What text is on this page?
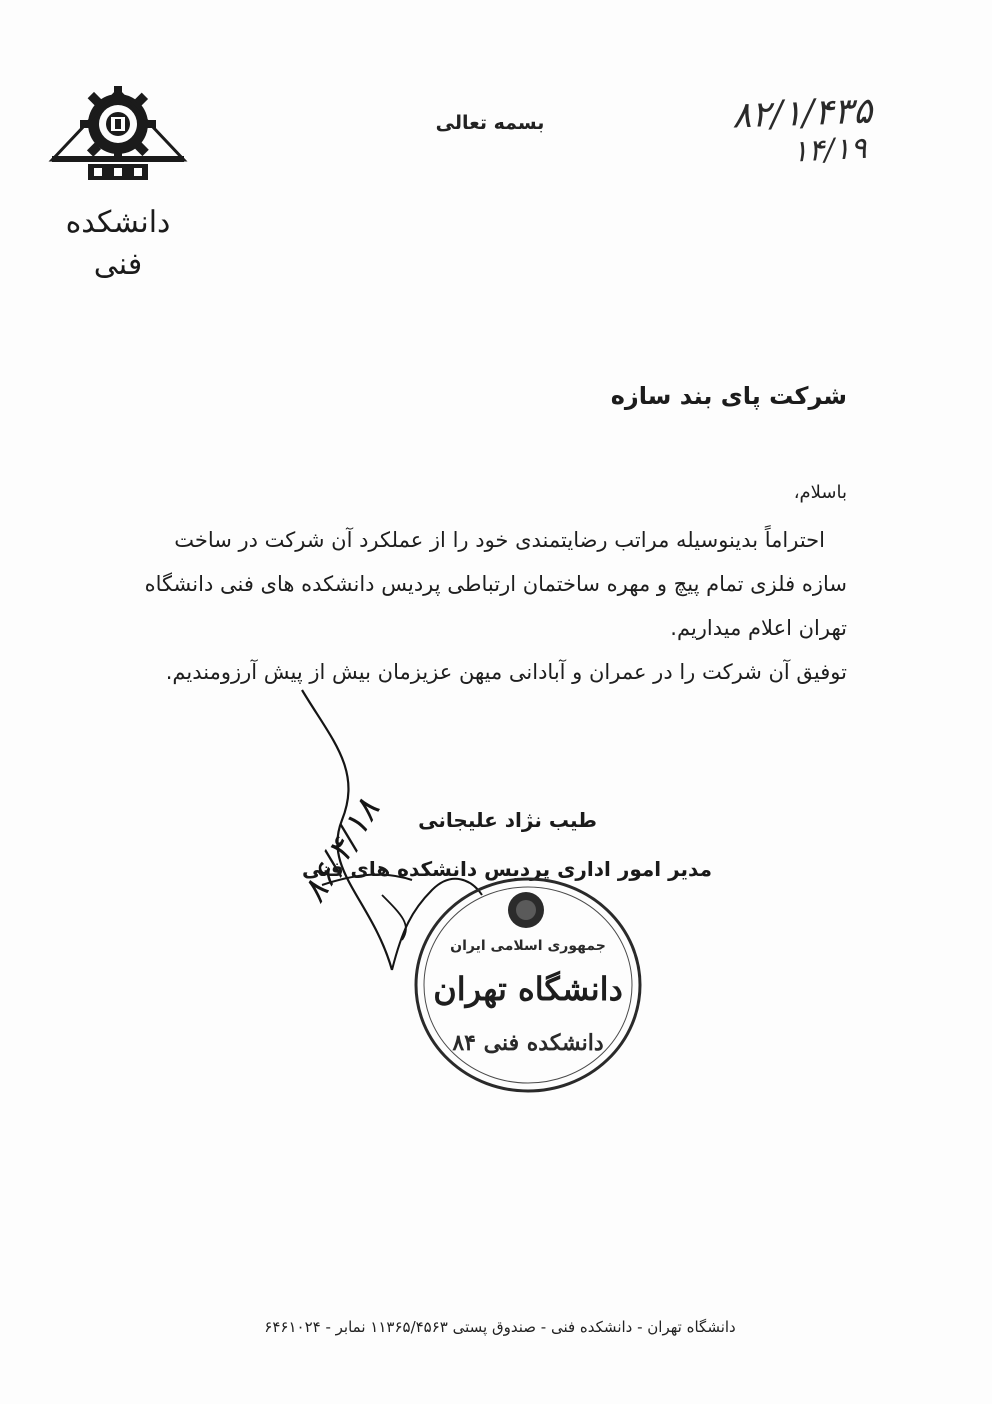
دانشکده
فنی
بسمه تعالی	۸۲/۱/۴۳۵
۱۴/۱۹
شرکت پای بند سازه

باسلام،

احتراماً بدینوسیله مراتب رضایتمندی خود را از عملکرد آن شرکت در ساخت سازه فلزی تمام پیچ و مهره ساختمان ارتباطی پردیس دانشکده های فنی دانشگاه تهران اعلام میداریم.

توفیق آن شرکت را در عمران و آبادانی میهن عزیزمان بیش از پیش آرزومندیم.

۸۶/۴/۱۸ طیب نژاد علیجانی
مدیر امور اداری پردیس دانشکده های فنی
جمهوری اسلامی ایران
دانشگاه تهران
دانشکده فنی ۸۴
دانشگاه تهران - دانشکده فنی - صندوق پستی ۱۱۳۶۵/۴۵۶۳ نمابر - ۶۴۶۱۰۲۴
